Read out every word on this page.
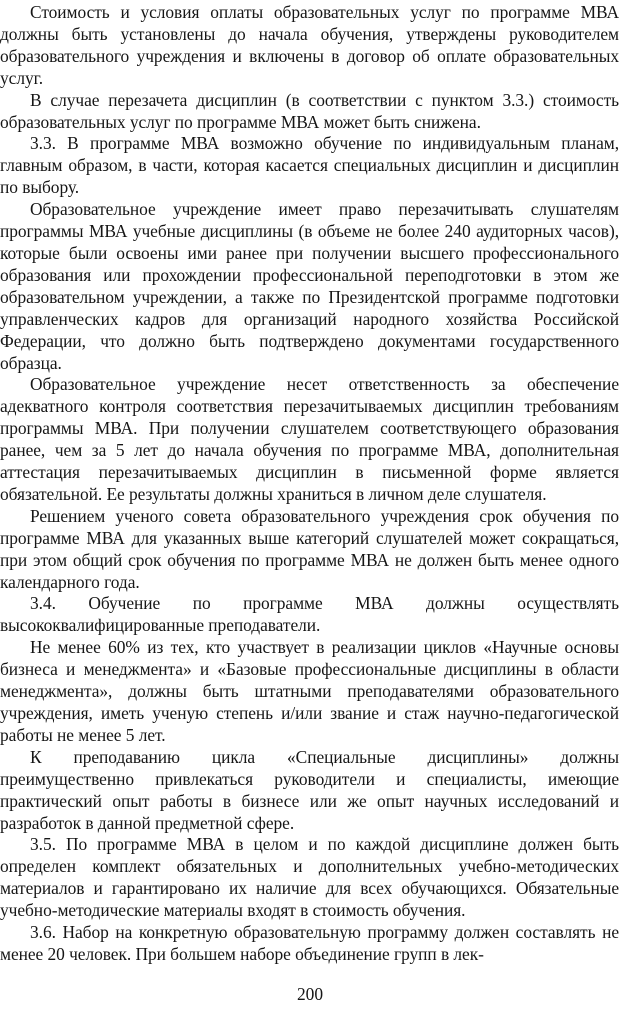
Стоимость и условия оплаты образовательных услуг по программе МВА должны быть установлены до начала обучения, утверждены руководителем образовательного учреждения и включены в договор об оплате образовательных услуг.

В случае перезачета дисциплин (в соответствии с пунктом 3.3.) стоимость образовательных услуг по программе МВА может быть снижена.

3.3. В программе МВА возможно обучение по индивидуальным планам, главным образом, в части, которая касается специальных дисциплин и дисциплин по выбору.

Образовательное учреждение имеет право перезачитывать слушателям программы МВА учебные дисциплины (в объеме не более 240 аудиторных часов), которые были освоены ими ранее при получении высшего профессионального образования или прохождении профессиональной переподготовки в этом же образовательном учреждении, а также по Президентской программе подготовки управленческих кадров для организаций народного хозяйства Российской Федерации, что должно быть подтверждено документами государственного образца.

Образовательное учреждение несет ответственность за обеспечение адекватного контроля соответствия перезачитываемых дисциплин требованиям программы МВА. При получении слушателем соответствующего образования ранее, чем за 5 лет до начала обучения по программе МВА, дополнительная аттестация перезачитываемых дисциплин в письменной форме является обязательной. Ее результаты должны храниться в личном деле слушателя.

Решением ученого совета образовательного учреждения срок обучения по программе МВА для указанных выше категорий слушателей может сокращаться, при этом общий срок обучения по программе МВА не должен быть менее одного календарного года.

3.4. Обучение по программе МВА должны осуществлять высококвалифицированные преподаватели.

Не менее 60% из тех, кто участвует в реализации циклов «Научные основы бизнеса и менеджмента» и «Базовые профессиональные дисциплины в области менеджмента», должны быть штатными преподавателями образовательного учреждения, иметь ученую степень и/или звание и стаж научно-педагогической работы не менее 5 лет.

К преподаванию цикла «Специальные дисциплины» должны преимущественно привлекаться руководители и специалисты, имеющие практический опыт работы в бизнесе или же опыт научных исследований и разработок в данной предметной сфере.

3.5. По программе МВА в целом и по каждой дисциплине должен быть определен комплект обязательных и дополнительных учебно-методических материалов и гарантировано их наличие для всех обучающихся. Обязательные учебно-методические материалы входят в стоимость обучения.

3.6. Набор на конкретную образовательную программу должен составлять не менее 20 человек. При большем наборе объединение групп в лек-

200
